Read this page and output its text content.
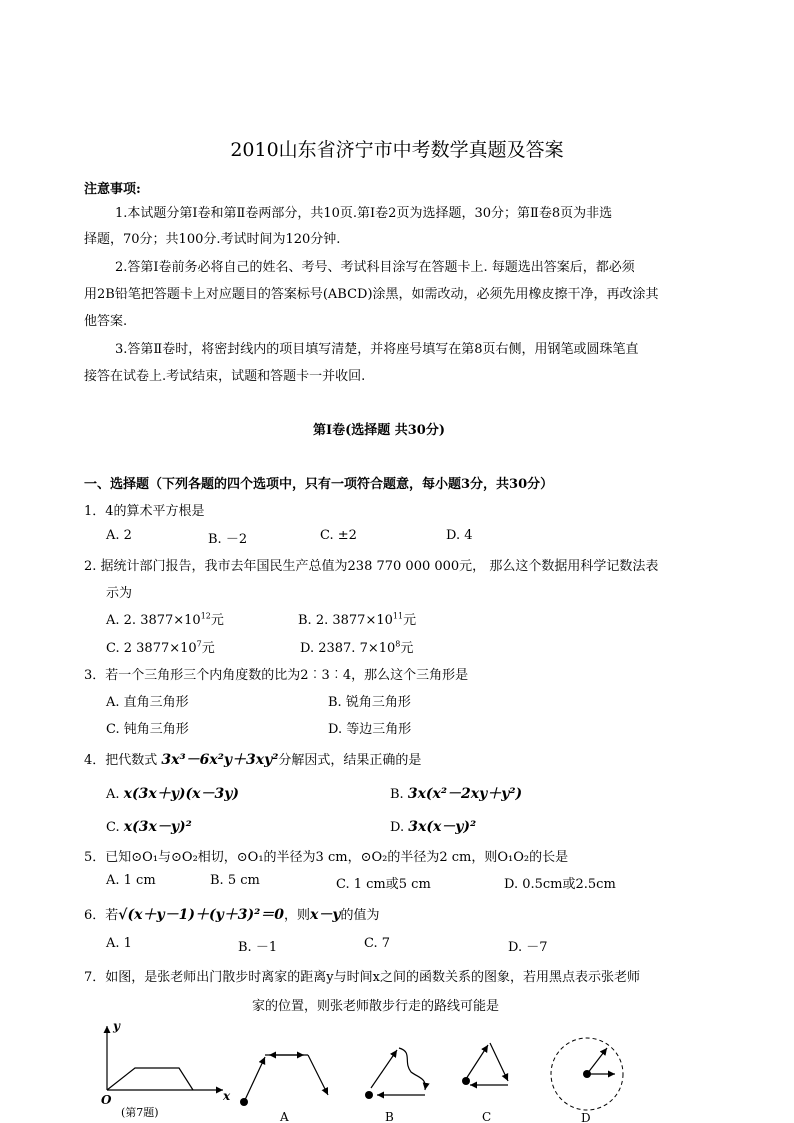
2010山东省济宁市中考数学真题及答案
注意事项:
1.本试题分第Ⅰ卷和第Ⅱ卷两部分，共10页.第Ⅰ卷2页为选择题，30分；第Ⅱ卷8页为非选
择题，70分；共100分.考试时间为120分钟.
2.答第Ⅰ卷前务必将自己的姓名、考号、考试科目涂写在答题卡上. 每题选出答案后，都必须
用2B铅笔把答题卡上对应题目的答案标号(ABCD)涂黑，如需改动，必须先用橡皮擦干净，再改涂其
他答案.
3.答第Ⅱ卷时，将密封线内的项目填写清楚，并将座号填写在第8页右侧，用钢笔或圆珠笔直
接答在试卷上.考试结束，试题和答题卡一并收回.
第Ⅰ卷(选择题 共30分)
一、选择题（下列各题的四个选项中，只有一项符合题意，每小题3分，共30分）
1．4的算术平方根是
A. 2	B. －2	C. ±2	D. 4
2. 据统计部门报告，我市去年国民生产总值为238 770 000 000元， 那么这个数据用科学记数法表
示为
A. 2. $3877\times 10^{12}$元	B. 2. $3877\times 10^{11}$元
C. 2 $3877\times 10^7$元	D. 2387. $7\times 10^8$元
3．若一个三角形三个内角度数的比为2︰3︰4，那么这个三角形是
A. 直角三角形	B. 锐角三角形
C. 钝角三角形	D. 等边三角形
4．把代数式 3x³－6x²y＋3xy²分解因式，结果正确的是
A. x(3x＋y)(x－3y)	B. 3x(x²－2xy＋y²)
C. x(3x－y)²	D. 3x(x－y)²
5．已知⊙O₁与⊙O₂相切，⊙O₁的半径为3 cm，⊙O₂的半径为2 cm，则O₁O₂的长是
A. 1 cm	B. 5 cm	C. 1 cm或5 cm	D. 0.5cm或2.5cm
6．若√(x＋y－1)＋(y＋3)²＝0，则x－y的值为
A. 1	B. －1	C. 7	D. －7
7．如图，是张老师出门散步时离家的距离y与时间x之间的函数关系的图象，若用黑点表示张老师
家的位置，则张老师散步行走的路线可能是
y
x
O
(第7题)	A	B	C	D
